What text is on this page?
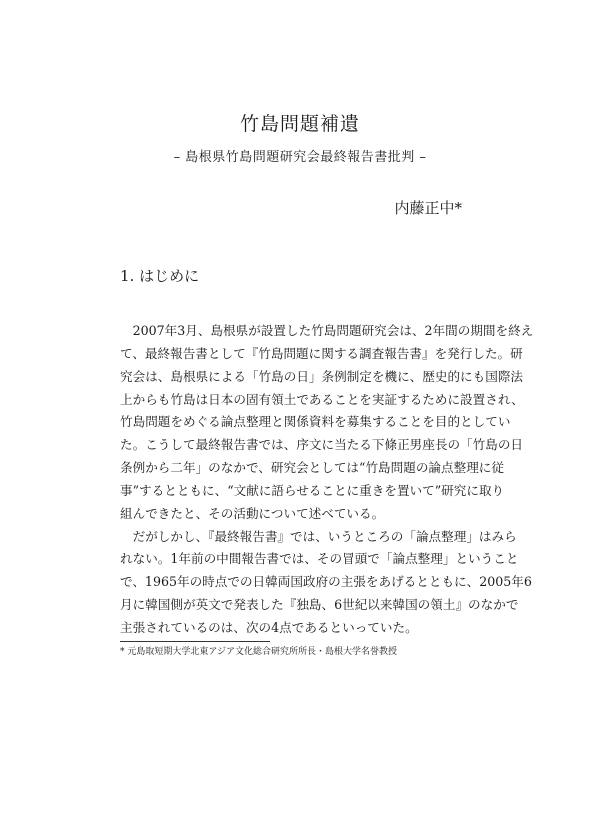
竹島問題補遺
– 島根県竹島問題研究会最終報告書批判 –
内藤正中*
1. はじめに
2007年3月、島根県が設置した竹島問題研究会は、2年間の期間を終え
て、最終報告書として『竹島問題に関する調査報告書』を発行した。研
究会は、島根県による「竹島の日」条例制定を機に、歴史的にも国際法
上からも竹島は日本の固有領土であることを実証するために設置され、
竹島問題をめぐる論点整理と関係資料を募集することを目的としてい
た。こうして最終報告書では、序文に当たる下條正男座長の「竹島の日
条例から二年」のなかで、研究会としては“竹島問題の論点整理に従
事”するとともに、“文献に語らせることに重きを置いて”研究に取り
組んできたと、その活動について述べている。
だがしかし、『最終報告書』では、いうところの「論点整理」はみら
れない。1年前の中間報告書では、その冒頭で「論点整理」ということ
で、1965年の時点での日韓両国政府の主張をあげるとともに、2005年6
月に韓国側が英文で発表した『独島、6世紀以来韓国の領土』のなかで
主張されているのは、次の4点であるといっていた。
* 元島取短期大学北東アジア文化総合研究所所長・島根大学名誉教授
